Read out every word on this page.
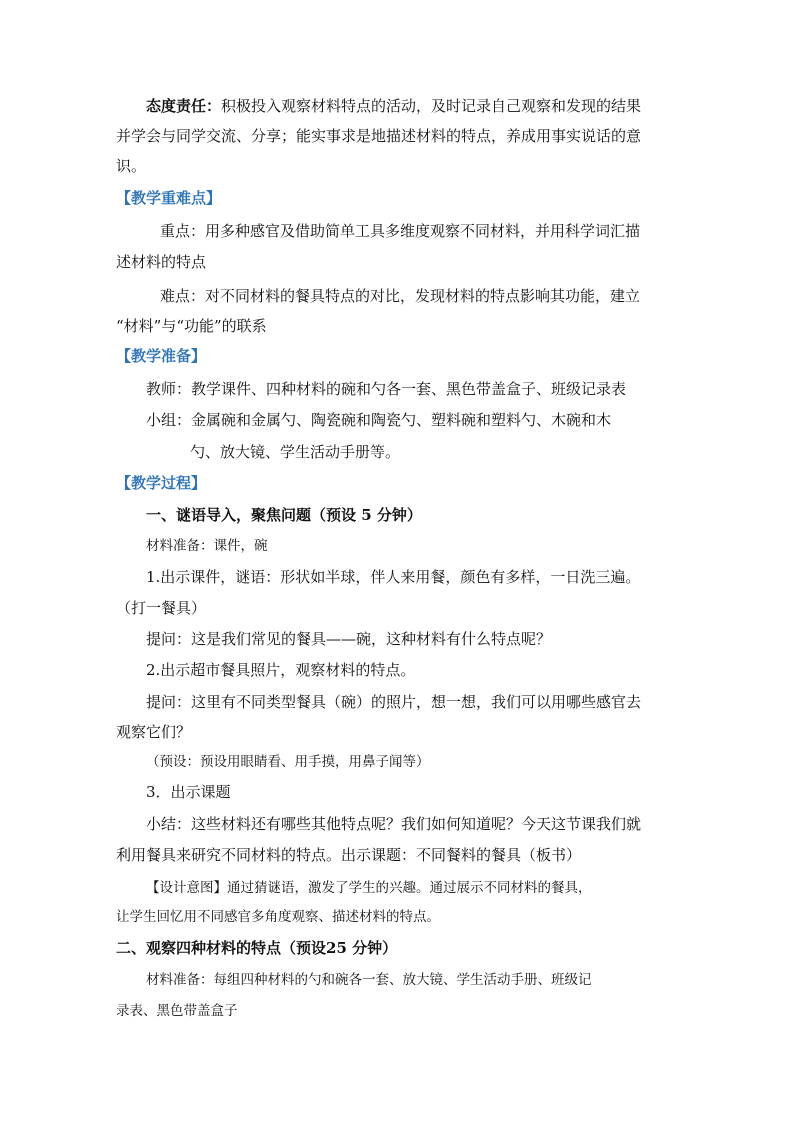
态度责任：积极投入观察材料特点的活动，及时记录自己观察和发现的结果
并学会与同学交流、分享；能实事求是地描述材料的特点，养成用事实说话的意
识。
【教学重难点】
重点：用多种感官及借助简单工具多维度观察不同材料，并用科学词汇描
述材料的特点
难点：对不同材料的餐具特点的对比，发现材料的特点影响其功能，建立
“材料”与“功能”的联系
【教学准备】
教师：教学课件、四种材料的碗和勺各一套、黑色带盖盒子、班级记录表
小组：金属碗和金属勺、陶瓷碗和陶瓷勺、塑料碗和塑料勺、木碗和木
勺、放大镜、学生活动手册等。
【教学过程】
一、谜语导入，聚焦问题（预设 5 分钟）
材料准备：课件，碗
1.出示课件，谜语：形状如半球，伴人来用餐，颜色有多样，一日洗三遍。
（打一餐具）
提问：这是我们常见的餐具——碗，这种材料有什么特点呢？
2.出示超市餐具照片，观察材料的特点。
提问：这里有不同类型餐具（碗）的照片，想一想，我们可以用哪些感官去
观察它们？
（预设：预设用眼睛看、用手摸，用鼻子闻等）
3．出示课题
小结：这些材料还有哪些其他特点呢？我们如何知道呢？今天这节课我们就
利用餐具来研究不同材料的特点。出示课题：不同餐料的餐具（板书）
【设计意图】通过猜谜语，激发了学生的兴趣。通过展示不同材料的餐具，
让学生回忆用不同感官多角度观察、描述材料的特点。
二、观察四种材料的特点（预设25 分钟）
材料准备：每组四种材料的勺和碗各一套、放大镜、学生活动手册、班级记
录表、黑色带盖盒子
